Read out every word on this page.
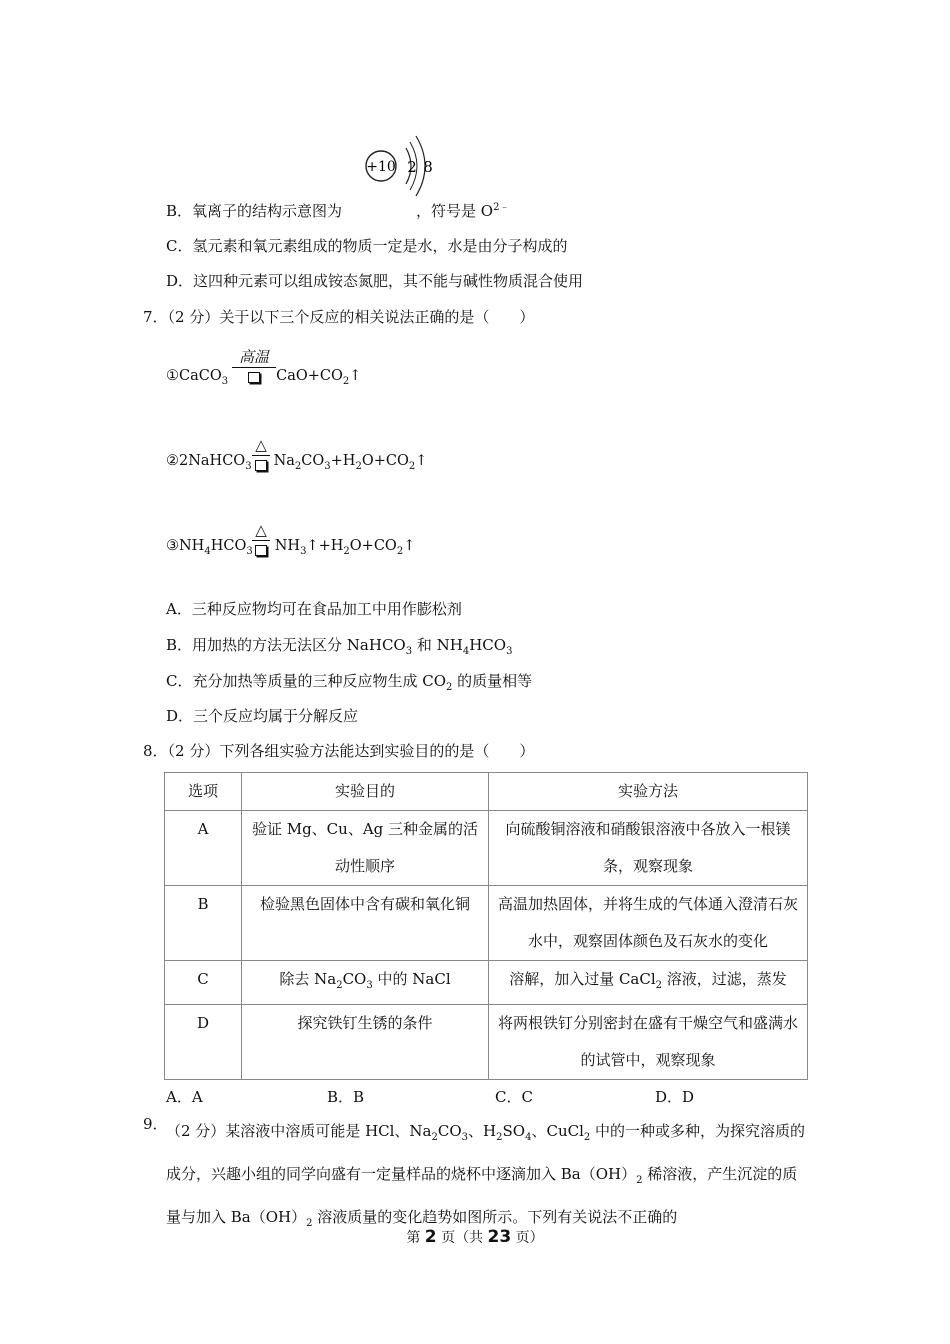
+10 2 8
B．氧离子的结构示意图为	，符号是 $O^{2﹣}$
C．氢元素和氧元素组成的物质一定是水，水是由分子构成的
D．这四种元素可以组成铵态氮肥，其不能与碱性物质混合使用
7．（2 分）关于以下三个反应的相关说法正确的是（　　）
①CaCO$_3$	$CaO+CO_2↑$
高温
②2NaHCO$_3$ $Na_2CO_3+H_2O+CO_2↑$
△
$③NH_4HCO_3$ $NH_3↑+H_2O+CO_2↑$
△
A．三种反应物均可在食品加工中用作膨松剂
B．用加热的方法无法区分 NaHCO$_3$ 和 $NH_4HCO_3$
C．充分加热等质量的三种反应物生成 $CO_2$ 的质量相等
D．三个反应均属于分解反应
8．（2 分）下列各组实验方法能达到实验目的的是（　　）
选项	实验目的	实验方法
A	验证 Mg、Cu、Ag 三种金属的活动性顺序	向硫酸铜溶液和硝酸银溶液中各放入一根镁条，观察现象
B	检验黑色固体中含有碳和氧化铜	高温加热固体，并将生成的气体通入澄清石灰水中，观察固体颜色及石灰水的变化
C	除去 $Na_2CO_3$ 中的 NaCl	溶解，加入过量 CaCl$_2$ 溶液，过滤，蒸发
D	探究铁钉生锈的条件	将两根铁钉分别密封在盛有干燥空气和盛满水的试管中，观察现象
A．A	B．B	C．C	D．D
9．
（2 分）某溶液中溶质可能是 HCl、$Na_2CO_3$、$H_2SO_4$、CuCl$_2$ 中的一种或多种，为探究溶质的成分，兴趣小组的同学向盛有一定量样品的烧杯中逐滴加入 $Ba(OH)_2$ 稀溶液，产生沉淀的质量与加入 $Ba(OH)_2$ 溶液质量的变化趋势如图所示。下列有关说法不正确的
第 2 页（共 23 页）
